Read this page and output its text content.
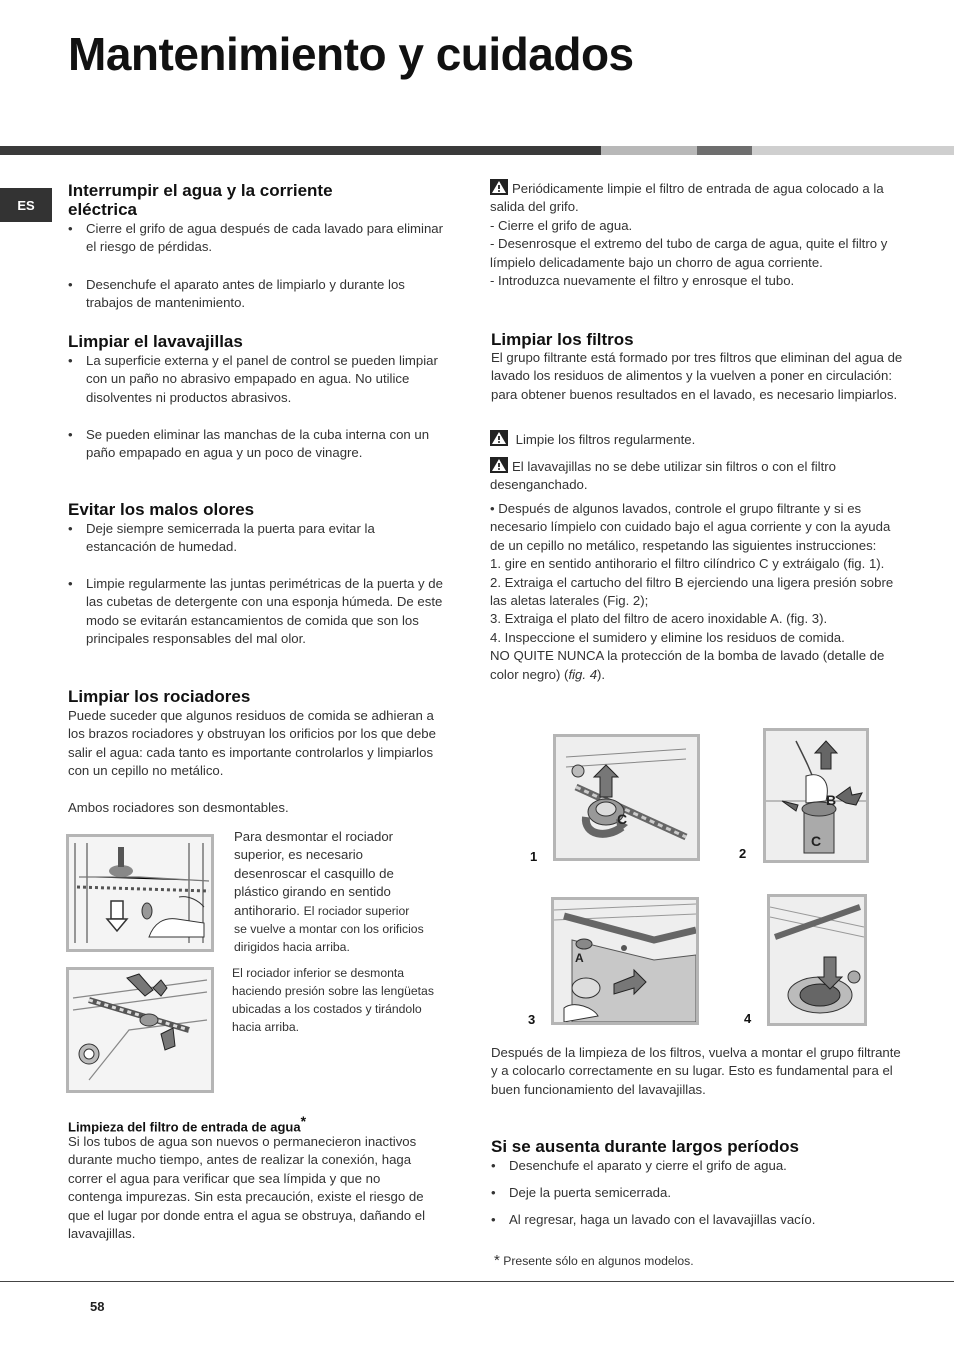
Mantenimiento y cuidados
ES
Interrumpir el agua y la corriente eléctrica
• Cierre el grifo de agua después de cada lavado para eliminar el riesgo de pérdidas.
• Desenchufe el aparato antes de limpiarlo y durante los trabajos de mantenimiento.
Limpiar el lavavajillas
• La superficie externa y el panel de control se pueden limpiar con un paño no abrasivo empapado en agua. No utilice disolventes ni productos abrasivos.
• Se pueden eliminar las manchas de la cuba interna con un paño empapado en agua y un poco de vinagre.
Evitar los malos olores
• Deje siempre semicerrada la puerta para evitar la estancación de humedad.
• Limpie regularmente las juntas perimétricas de la puerta y de las cubetas de detergente con una esponja húmeda. De este modo se evitarán estancamientos de comida que son los principales responsables del mal olor.
Limpiar los rociadores
Puede suceder que algunos residuos de comida se adhieran a los brazos rociadores y obstruyan los orificios por los que debe salir el agua: cada tanto es importante controlarlos y limpiarlos con un cepillo no metálico.
Ambos rociadores son desmontables.
Para desmontar el rociador superior, es necesario desenroscar el casquillo de plástico girando en sentido antihorario. El rociador superior se vuelve a montar con los orificios dirigidos hacia arriba.
El rociador inferior se desmonta haciendo presión sobre las lengüetas ubicadas a los costados y tirándolo hacia arriba.
Limpieza del filtro de entrada de agua*
Si los tubos de agua son nuevos o permanecieron inactivos durante mucho tiempo, antes de realizar la conexión, haga correr el agua para verificar que sea límpida y que no contenga impurezas. Sin esta precaución, existe el riesgo de que el lugar por donde entra el agua se obstruya, dañando el lavavajillas.
Periódicamente limpie el filtro de entrada de agua colocado a la salida del grifo.
- Cierre el grifo de agua.
- Desenrosque el extremo del tubo de carga de agua, quite el filtro y límpielo delicadamente bajo un chorro de agua corriente.
- Introduzca nuevamente el filtro y enrosque el tubo.
Limpiar los filtros
El grupo filtrante está formado por tres filtros que eliminan del agua de lavado los residuos de alimentos y la vuelven a poner en circulación: para obtener buenos resultados en el lavado, es necesario limpiarlos.
Limpie los filtros regularmente.
El lavavajillas no se debe utilizar sin filtros o con el filtro desenganchado.
• Después de algunos lavados, controle el grupo filtrante y si es necesario límpielo con cuidado bajo el agua corriente y con la ayuda de un cepillo no metálico, respetando las siguientes instrucciones:
1. gire en sentido antihorario el filtro cilíndrico C y extráigalo (fig. 1).
2. Extraiga el cartucho del filtro B ejerciendo una ligera presión sobre las aletas laterales (Fig. 2);
3. Extraiga el plato del filtro de acero inoxidable A. (fig. 3).
4. Inspeccione el sumidero y elimine los residuos de comida.
NO QUITE NUNCA la protección de la bomba de lavado (detalle de color negro) (fig. 4).
C
1
B
C
2
A
3	4
Después de la limpieza de los filtros, vuelva a montar el grupo filtrante y a colocarlo correctamente en su lugar. Esto es fundamental para el buen funcionamiento del lavavajillas.
Si se ausenta durante largos períodos
• Desenchufe el aparato y cierre el grifo de agua.
• Deje la puerta semicerrada.
• Al regresar, haga un lavado con el lavavajillas vacío.
* Presente sólo en algunos modelos.
58
